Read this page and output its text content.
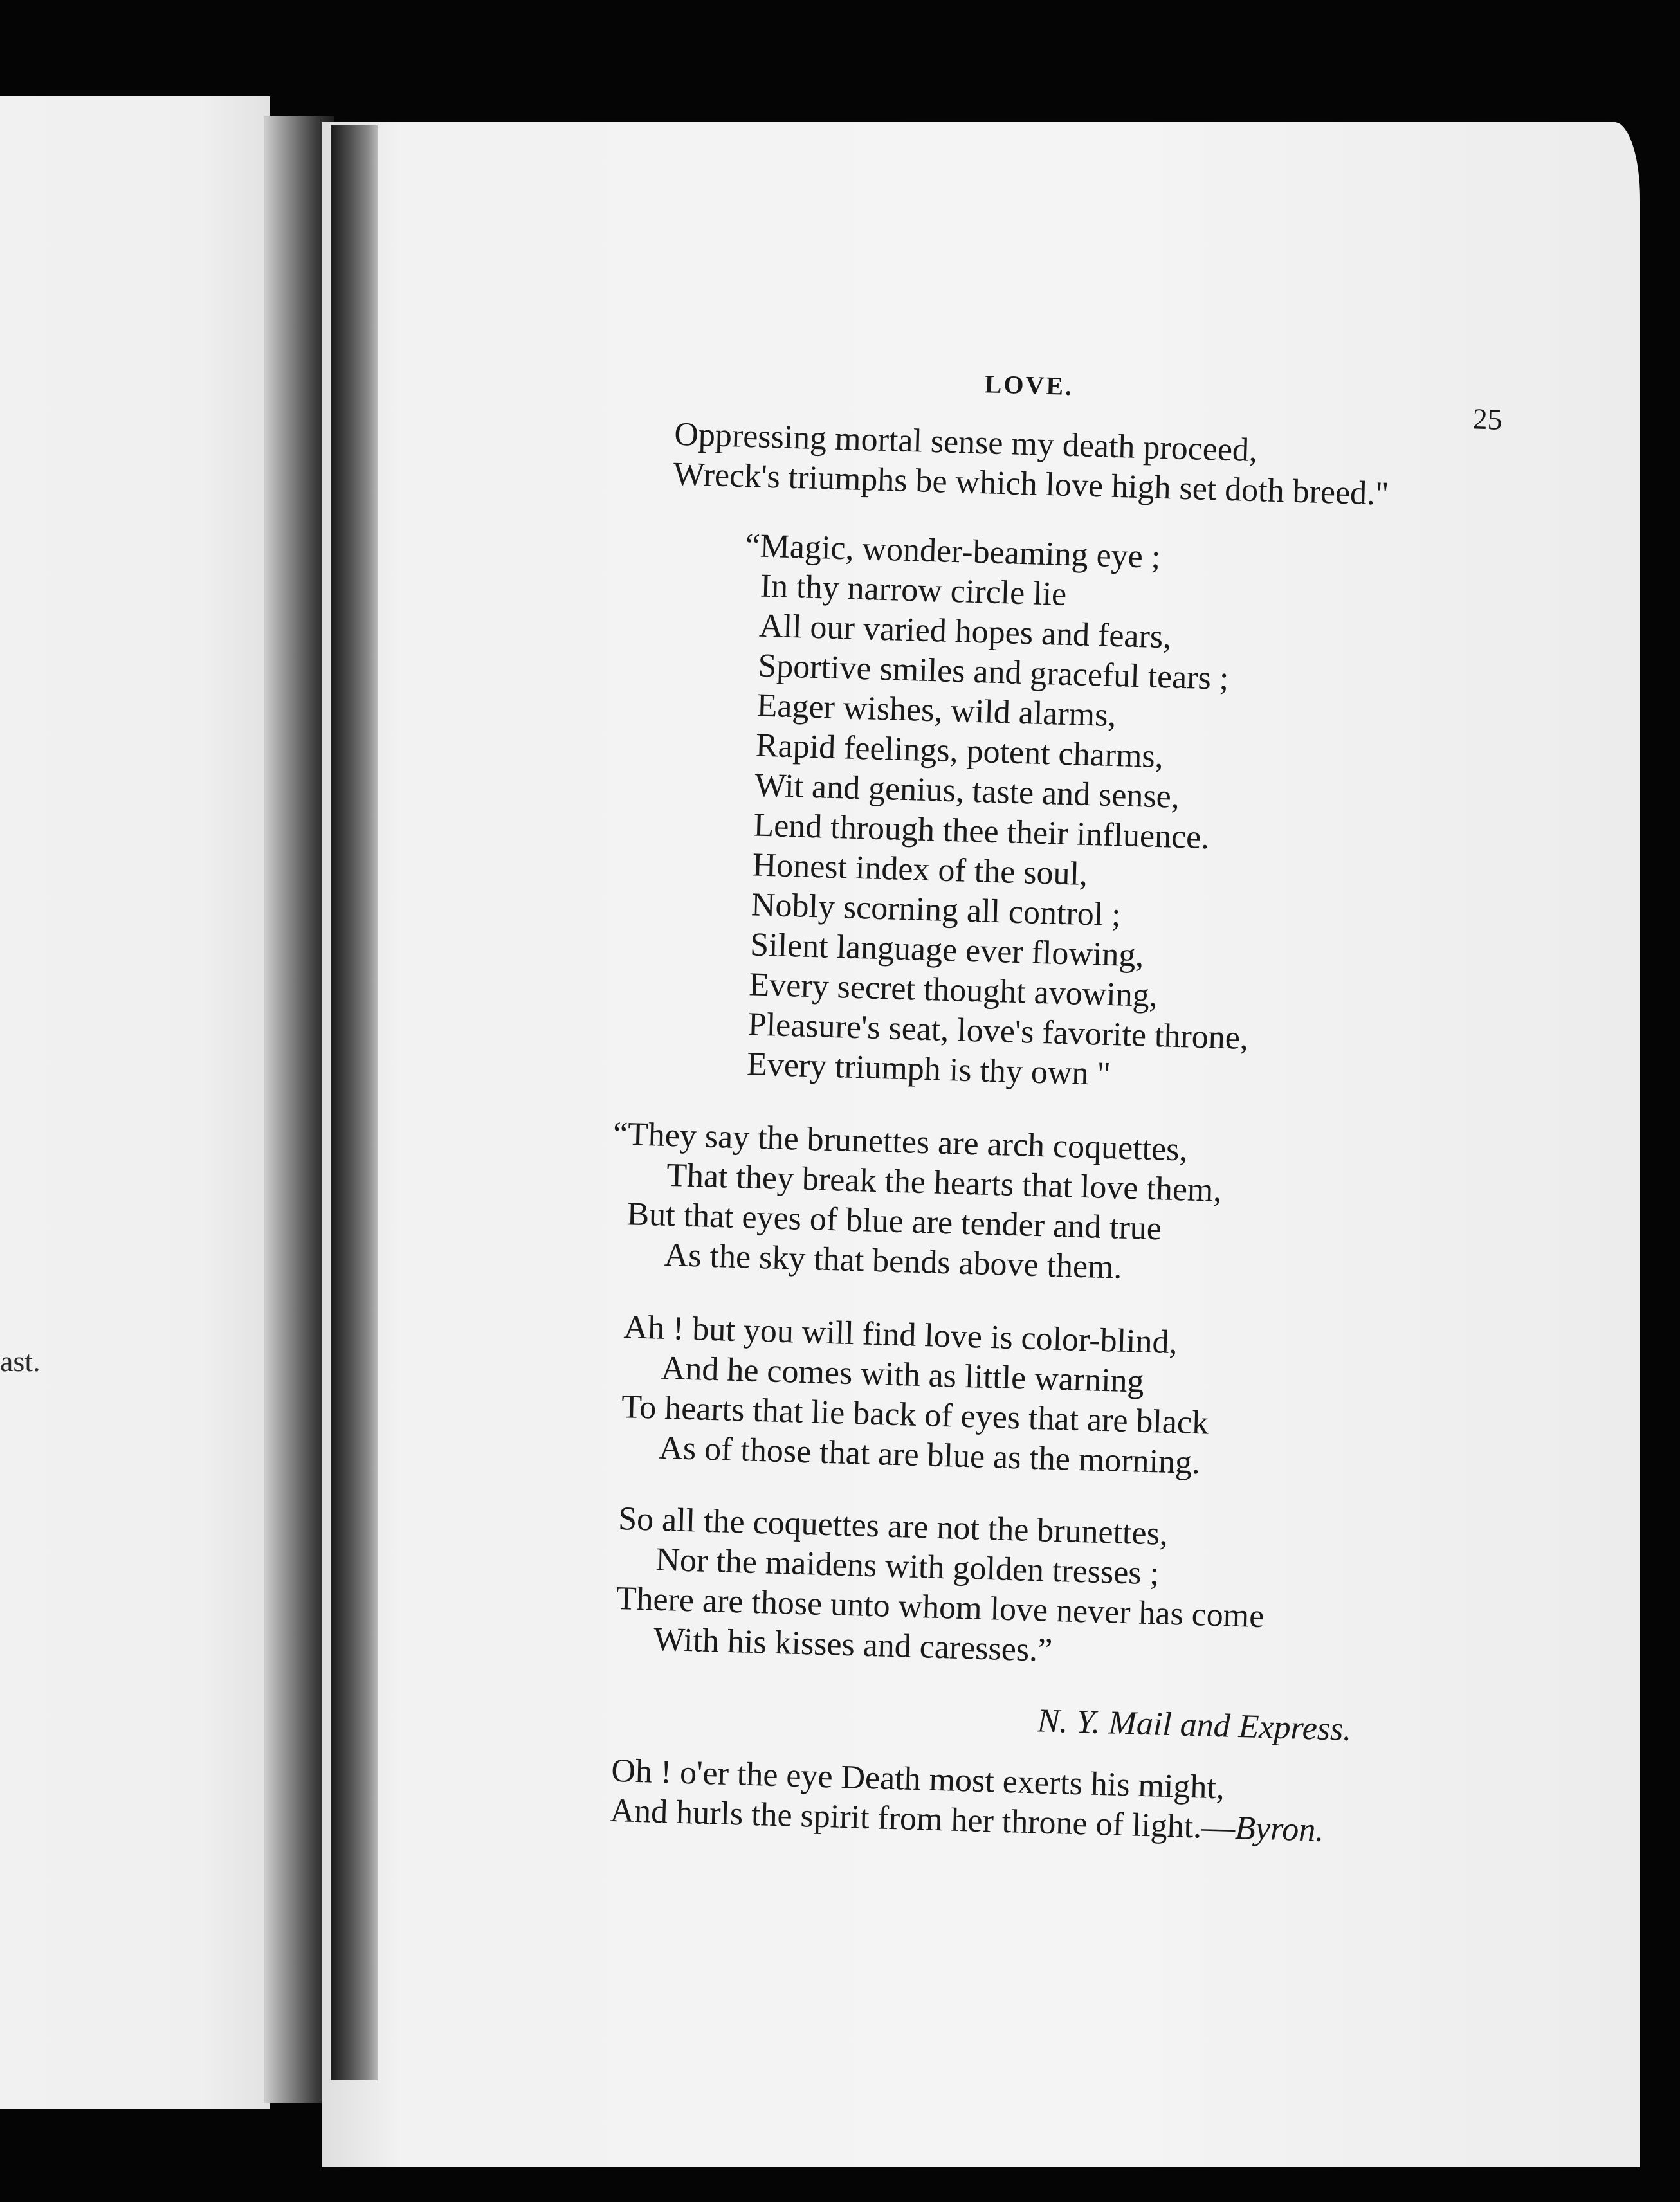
ast.
LOVE.
25
Oppressing mortal sense my death proceed,
Wreck's triumphs be which love high set doth breed."
“Magic, wonder-beaming eye ;
In thy narrow circle lie
All our varied hopes and fears,
Sportive smiles and graceful tears ;
Eager wishes, wild alarms,
Rapid feelings, potent charms,
Wit and genius, taste and sense,
Lend through thee their influence.
Honest index of the soul,
Nobly scorning all control ;
Silent language ever flowing,
Every secret thought avowing,
Pleasure's seat, love's favorite throne,
Every triumph is thy own "
“They say the brunettes are arch coquettes,
That they break the hearts that love them,
But that eyes of blue are tender and true
As the sky that bends above them.
Ah ! but you will find love is color-blind,
And he comes with as little warning
To hearts that lie back of eyes that are black
As of those that are blue as the morning.
So all the coquettes are not the brunettes,
Nor the maidens with golden tresses ;
There are those unto whom love never has come
With his kisses and caresses.”
N. Y. Mail and Express.
Oh ! o'er the eye Death most exerts his might,
And hurls the spirit from her throne of light.—Byron.
